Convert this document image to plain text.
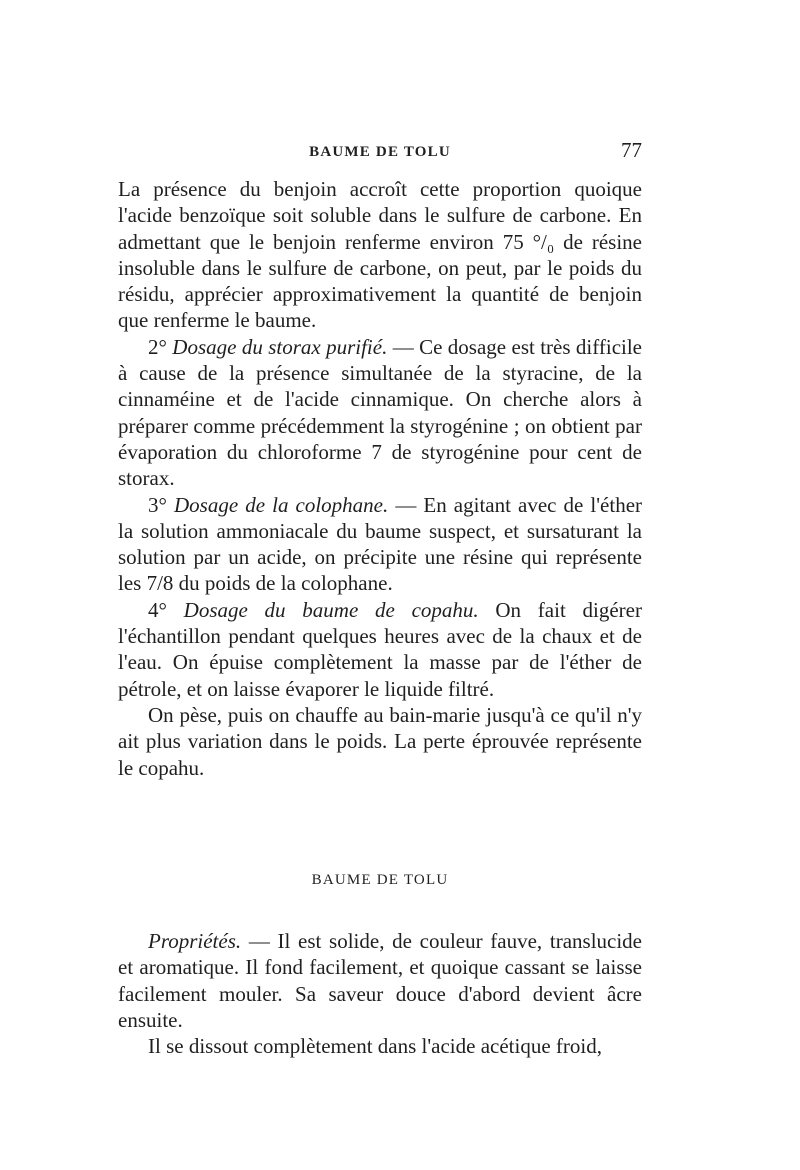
BAUME DE TOLU	77

La présence du benjoin accroît cette proportion quoique l'acide benzoïque soit soluble dans le sulfure de carbone. En admettant que le benjoin renferme environ 75 °/₀ de résine insoluble dans le sulfure de carbone, on peut, par le poids du résidu, apprécier approximativement la quantité de benjoin que renferme le baume.

2° Dosage du storax purifié. — Ce dosage est très difficile à cause de la présence simultanée de la styracine, de la cinnaméine et de l'acide cinnamique. On cherche alors à préparer comme précédemment la styrogénine ; on obtient par évaporation du chloroforme 7 de styrogénine pour cent de storax.

3° Dosage de la colophane. — En agitant avec de l'éther la solution ammoniacale du baume suspect, et sursaturant la solution par un acide, on précipite une résine qui représente les 7/8 du poids de la colophane.

4° Dosage du baume de copahu. On fait digérer l'échantillon pendant quelques heures avec de la chaux et de l'eau. On épuise complètement la masse par de l'éther de pétrole, et on laisse évaporer le liquide filtré.

On pèse, puis on chauffe au bain-marie jusqu'à ce qu'il n'y ait plus variation dans le poids. La perte éprouvée représente le copahu.

BAUME DE TOLU

Propriétés. — Il est solide, de couleur fauve, translucide et aromatique. Il fond facilement, et quoique cassant se laisse facilement mouler. Sa saveur douce d'abord devient âcre ensuite.

Il se dissout complètement dans l'acide acétique froid,
